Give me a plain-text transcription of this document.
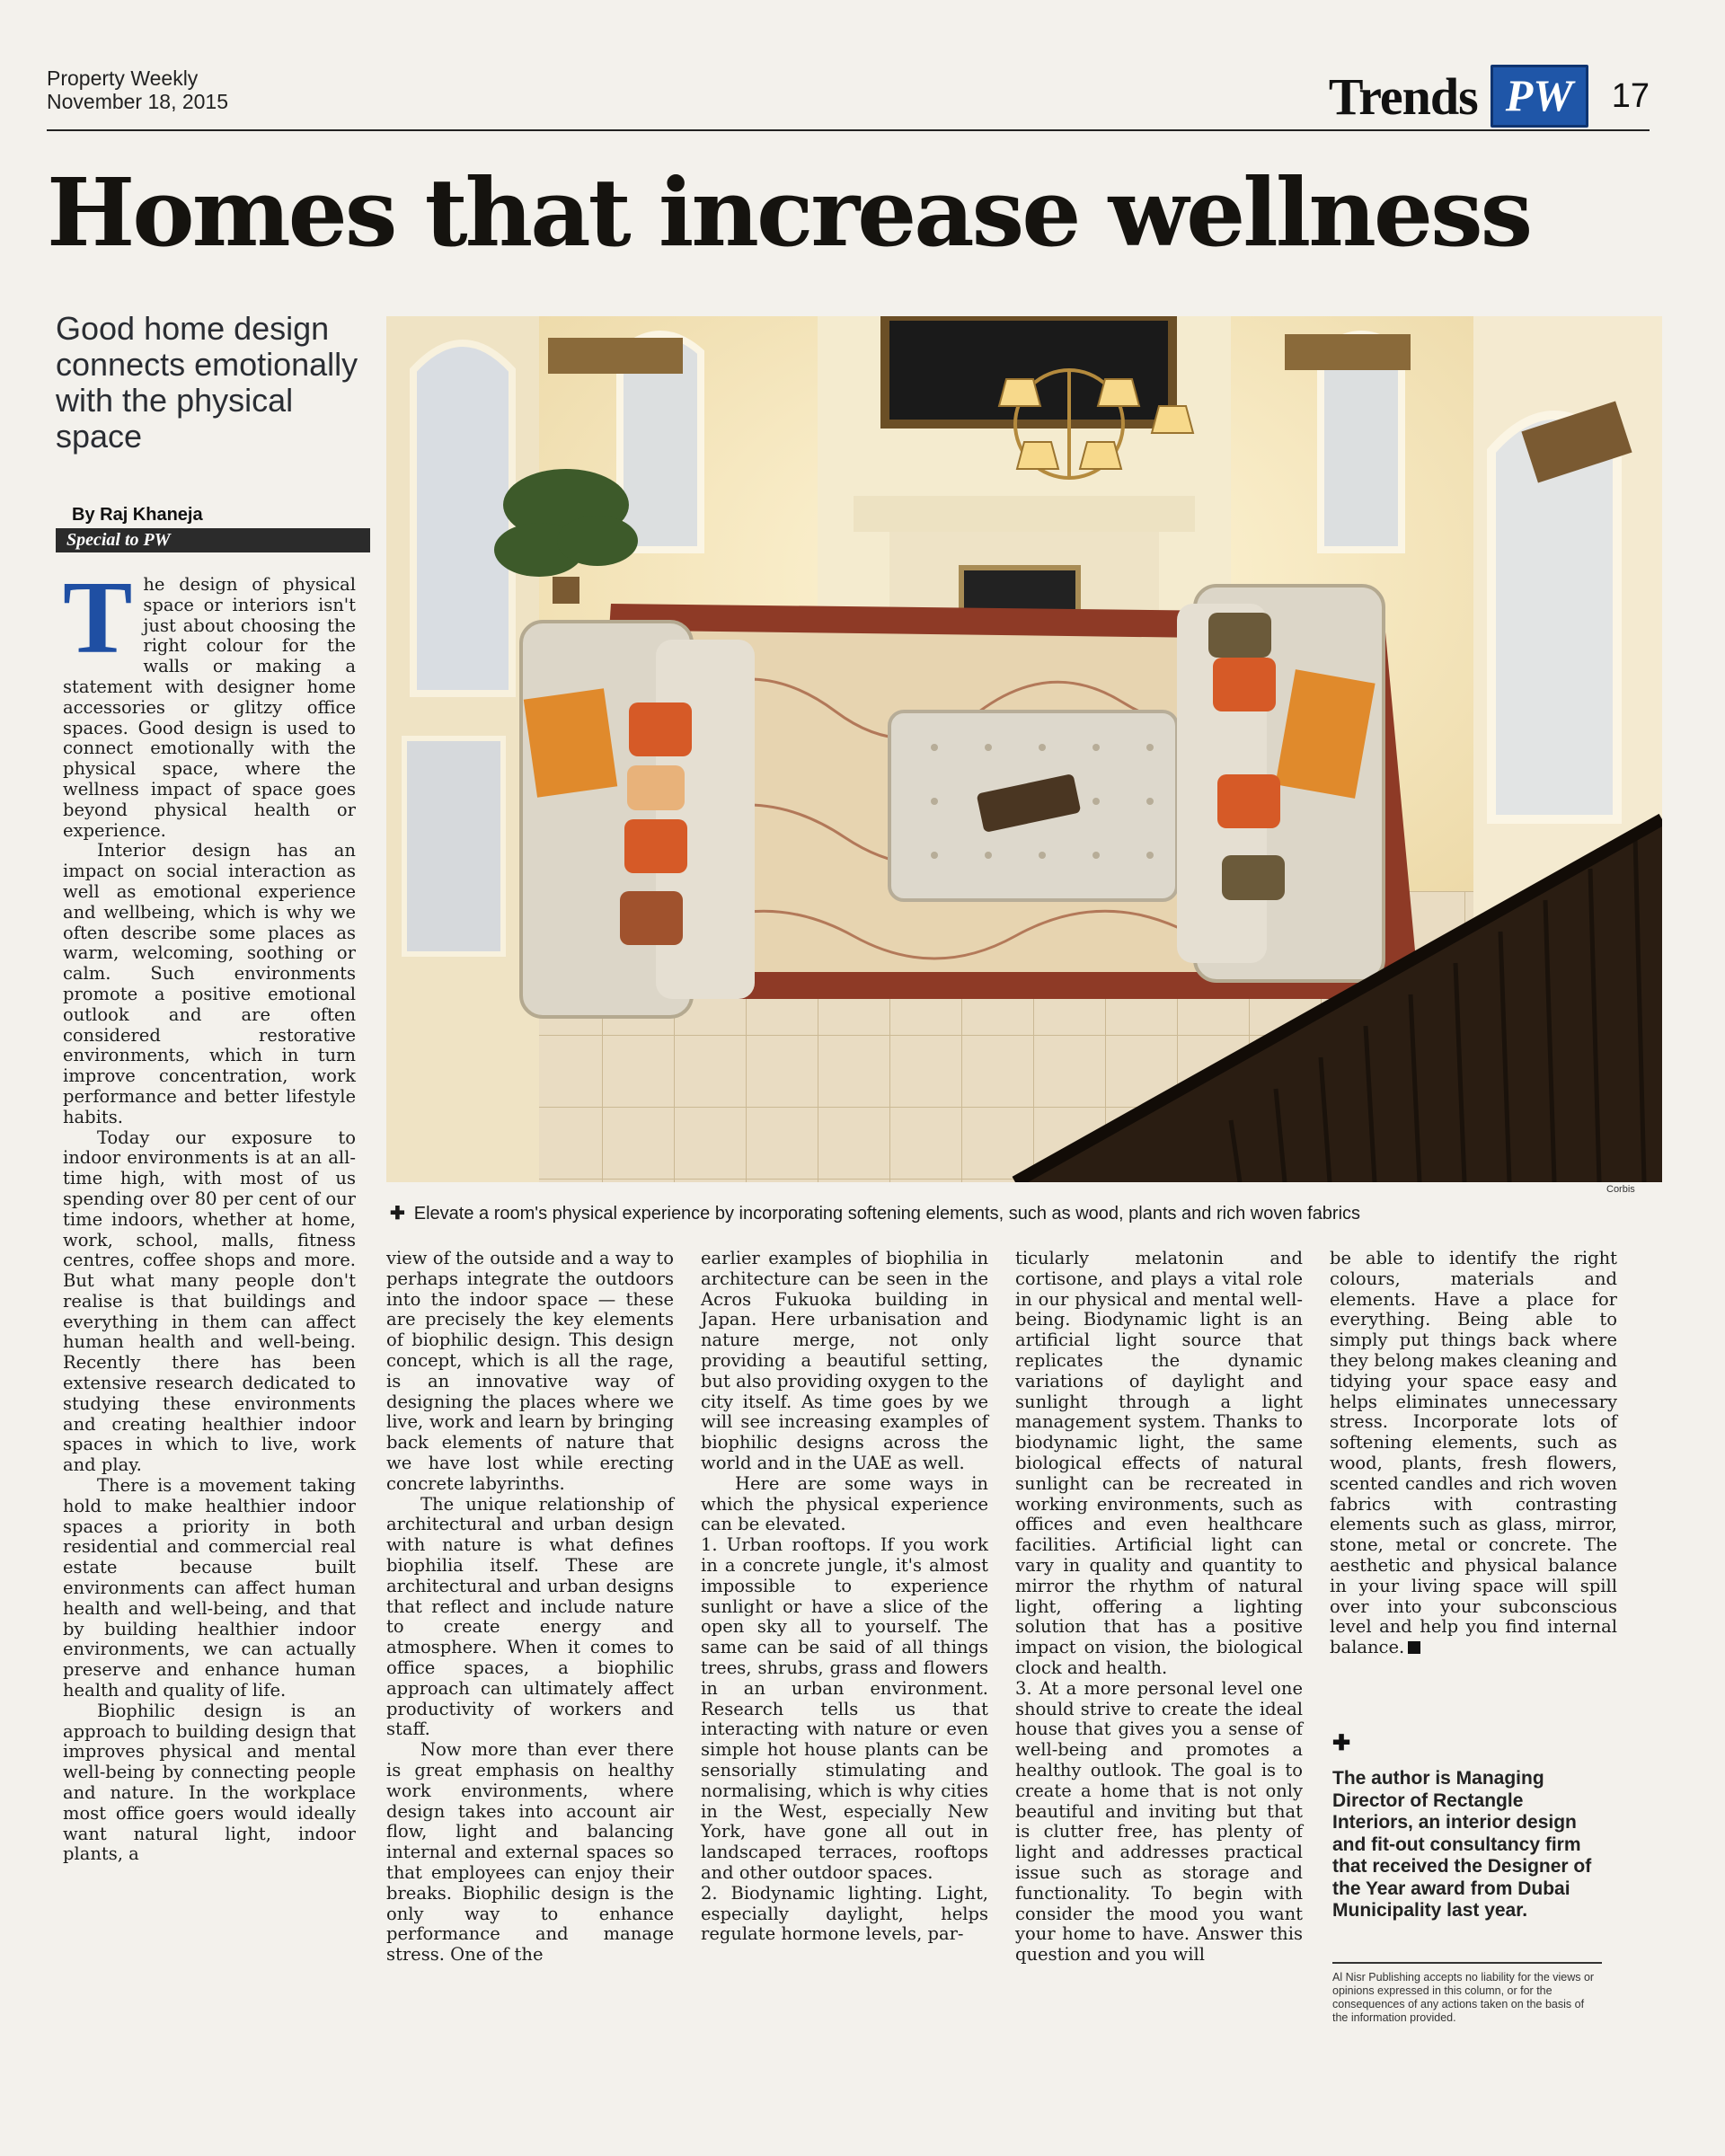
Property Weekly
November 18, 2015	Trends PW	17
Homes that increase wellness
Good home design connects emotionally with the physical space
By Raj Khaneja
Special to PW
Corbis
✚ Elevate a room's physical experience by incorporating softening elements, such as wood, plants and rich woven fabrics

The design of physical space or interiors isn't just about choosing the right colour for the walls or making a statement with designer home accessories or glitzy office spaces. Good design is used to connect emotionally with the physical space, where the wellness impact of space goes beyond physical health or experience.

Interior design has an impact on social interaction as well as emotional experience and wellbeing, which is why we often describe some places as warm, welcoming, soothing or calm. Such environments promote a positive emotional outlook and are often considered restorative environments, which in turn improve concentration, work performance and better lifestyle habits.

Today our exposure to indoor environments is at an all-time high, with most of us spending over 80 per cent of our time indoors, whether at home, work, school, malls, fitness centres, coffee shops and more. But what many people don't realise is that buildings and everything in them can affect human health and well-being. Recently there has been extensive research dedicated to studying these environments and creating healthier indoor spaces in which to live, work and play.

There is a movement taking hold to make healthier indoor spaces a priority in both residential and commercial real estate because built environments can affect human health and well-being, and that by building healthier indoor environments, we can actually preserve and enhance human health and quality of life.

Biophilic design is an approach to building design that improves physical and mental well-being by connecting people and nature. In the workplace most office goers would ideally want natural light, indoor plants, a

view of the outside and a way to perhaps integrate the outdoors into the indoor space — these are precisely the key elements of biophilic design. This design concept, which is all the rage, is an innovative way of designing the places where we live, work and learn by bringing back elements of nature that we have lost while erecting concrete labyrinths.

The unique relationship of architectural and urban design with nature is what defines biophilia itself. These are architectural and urban designs that reflect and include nature to create energy and atmosphere. When it comes to office spaces, a biophilic approach can ultimately affect productivity of workers and staff.

Now more than ever there is great emphasis on healthy work environments, where design takes into account air flow, light and balancing internal and external spaces so that employees can enjoy their breaks. Biophilic design is the only way to enhance performance and manage stress. One of the

earlier examples of biophilia in architecture can be seen in the Acros Fukuoka building in Japan. Here urbanisation and nature merge, not only providing a beautiful setting, but also providing oxygen to the city itself. As time goes by we will see increasing examples of biophilic designs across the world and in the UAE as well.

Here are some ways in which the physical experience can be elevated.

1. Urban rooftops. If you work in a concrete jungle, it's almost impossible to experience sunlight or have a slice of the open sky all to yourself. The same can be said of all things trees, shrubs, grass and flowers in an urban environment. Research tells us that interacting with nature or even simple hot house plants can be sensorially stimulating and normalising, which is why cities in the West, especially New York, have gone all out in landscaped terraces, rooftops and other outdoor spaces.

2. Biodynamic lighting. Light, especially daylight, helps regulate hormone levels, par-

ticularly melatonin and cortisone, and plays a vital role in our physical and mental well-being. Biodynamic light is an artificial light source that replicates the dynamic variations of daylight and sunlight through a light management system. Thanks to biodynamic light, the same biological effects of natural sunlight can be recreated in working environments, such as offices and even healthcare facilities. Artificial light can vary in quality and quantity to mirror the rhythm of natural light, offering a lighting solution that has a positive impact on vision, the biological clock and health.

3. At a more personal level one should strive to create the ideal house that gives you a sense of well-being and promotes a healthy outlook. The goal is to create a home that is not only beautiful and inviting but that is clutter free, has plenty of light and addresses practical issue such as storage and functionality. To begin with consider the mood you want your home to have. Answer this question and you will

be able to identify the right colours, materials and elements. Have a place for everything. Being able to simply put things back where they belong makes cleaning and tidying your space easy and helps eliminates unnecessary stress. Incorporate lots of softening elements, such as wood, plants, fresh flowers, scented candles and rich woven fabrics with contrasting elements such as glass, mirror, stone, metal or concrete. The aesthetic and physical balance in your living space will spill over into your subconscious level and help you find internal balance.

✚
The author is Managing Director of Rectangle Interiors, an interior design and fit-out consultancy firm that received the Designer of the Year award from Dubai Municipality last year.
Al Nisr Publishing accepts no liability for the views or opinions expressed in this column, or for the consequences of any actions taken on the basis of the information provided.
